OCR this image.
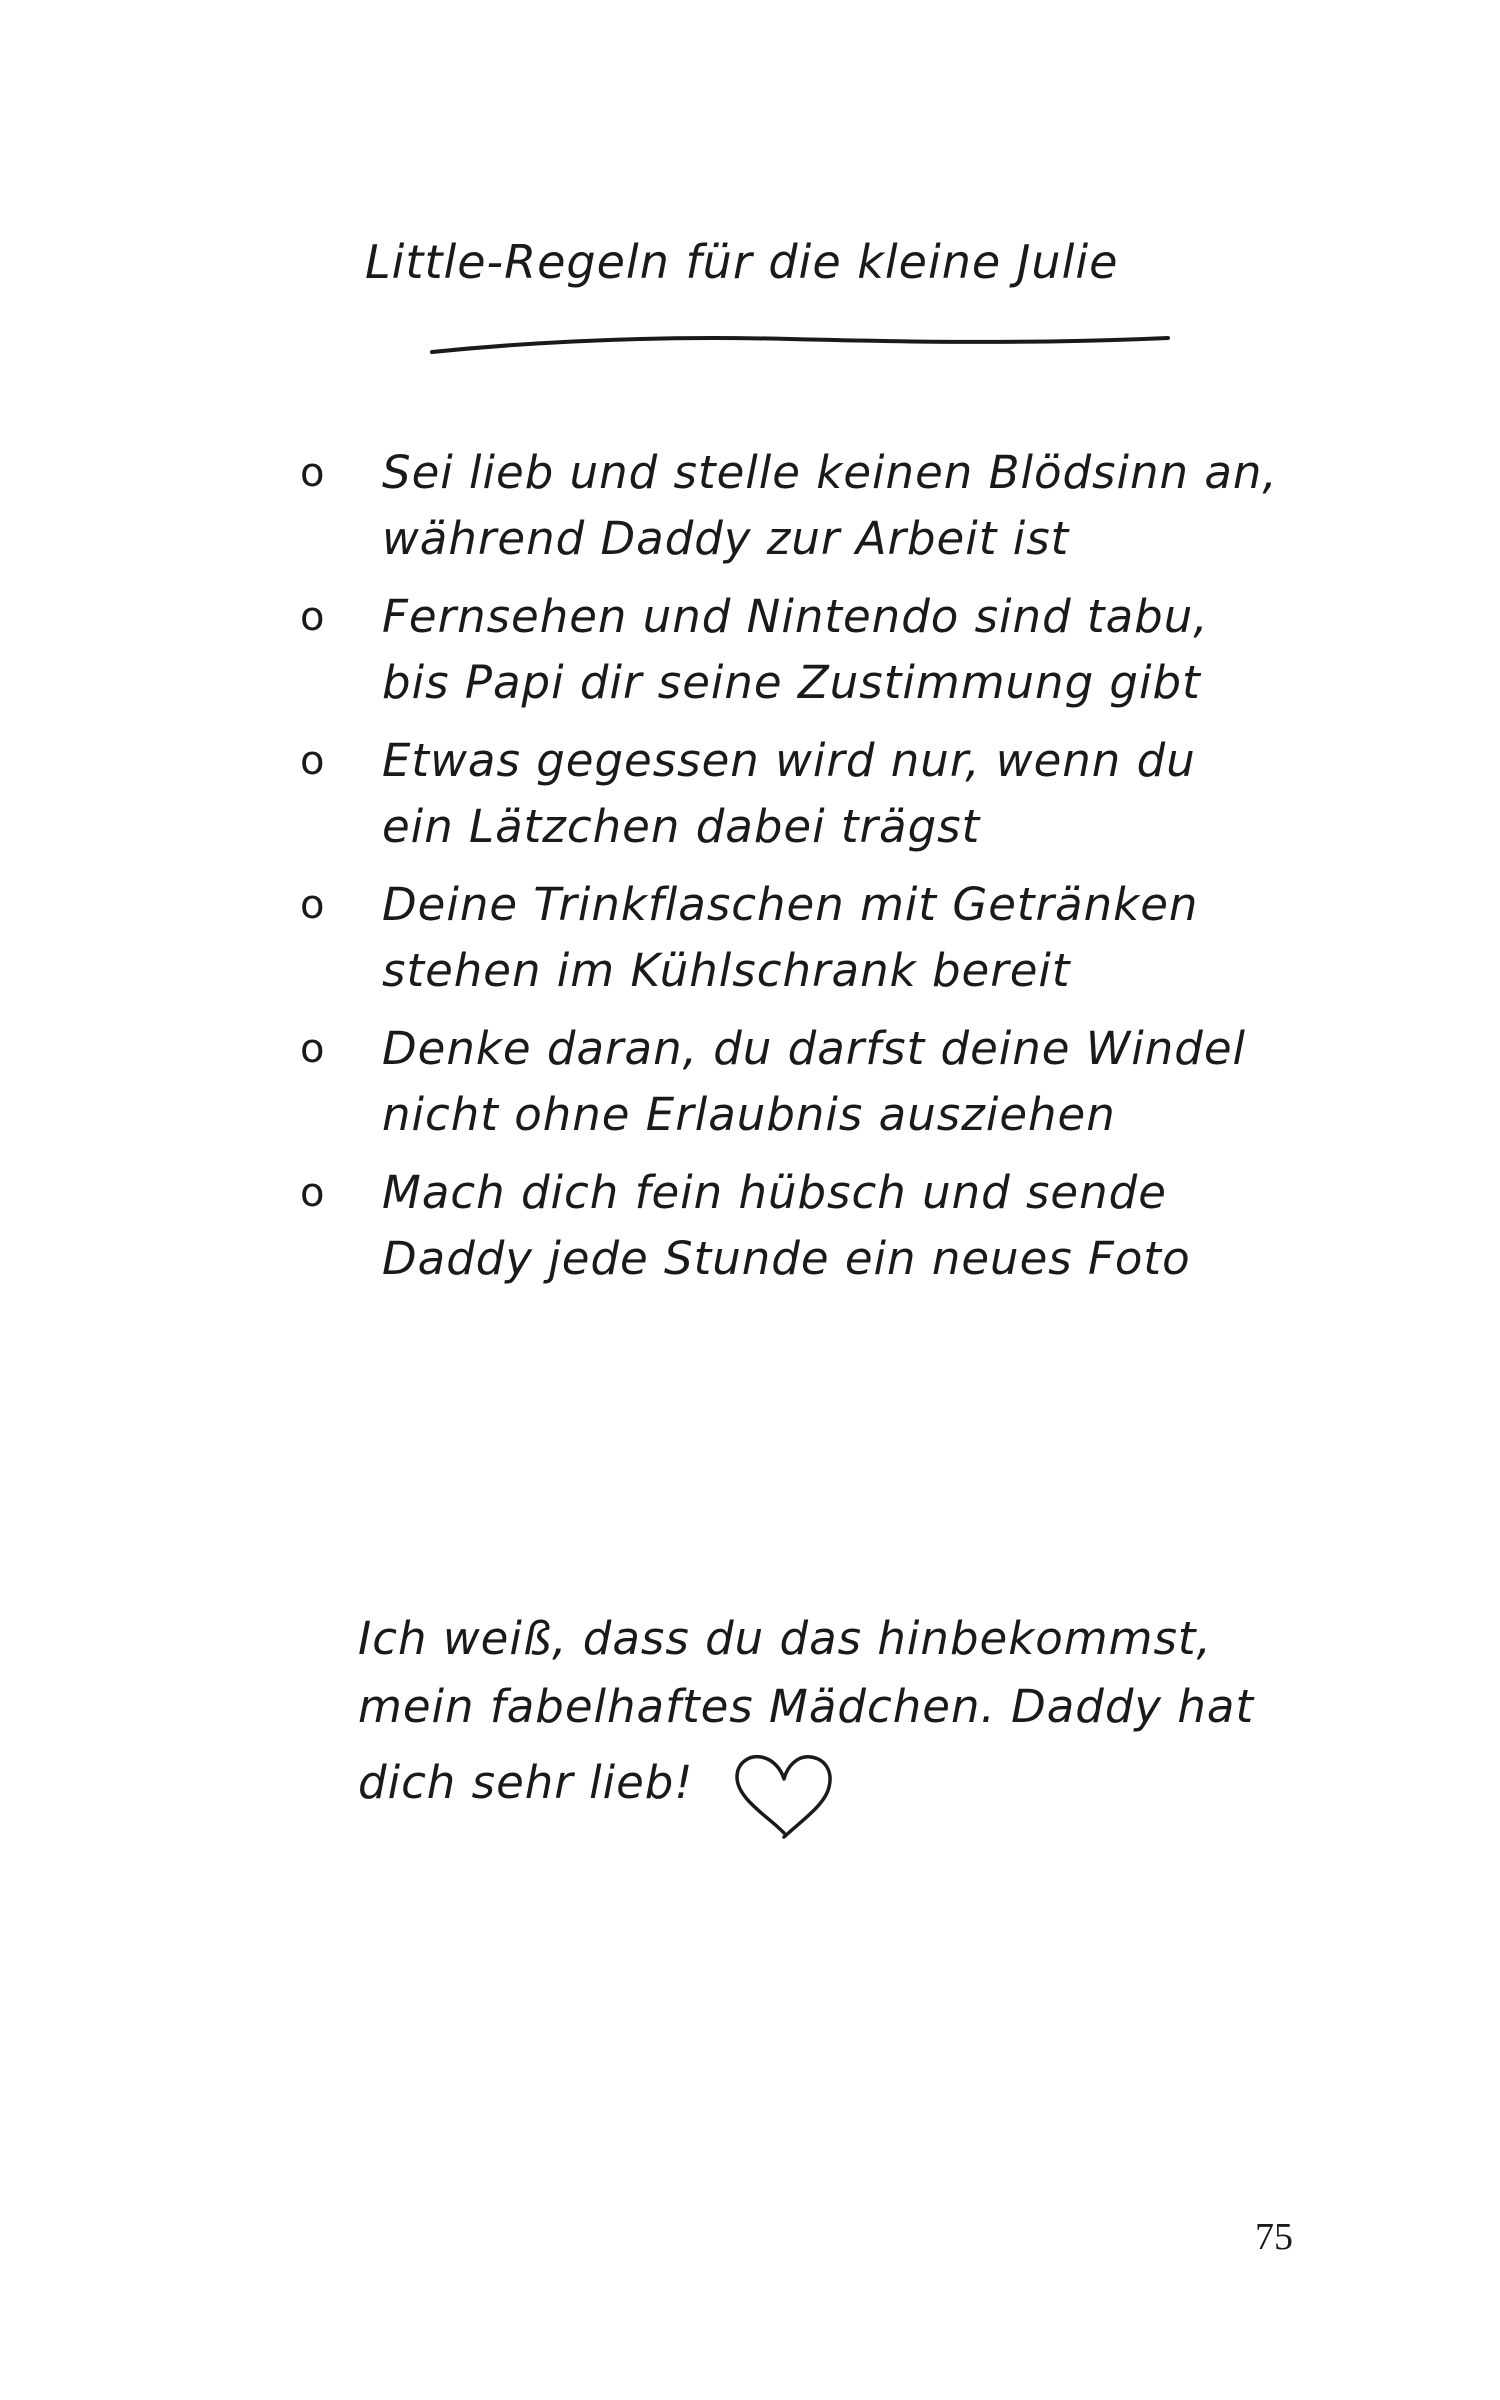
Little-Regeln für die kleine Julie
o Sei lieb und stelle keinen Blödsinn an, während Daddy zur Arbeit ist
o Fernsehen und Nintendo sind tabu, bis Papi dir seine Zustimmung gibt
o Etwas gegessen wird nur, wenn du ein Lätzchen dabei trägst
o Deine Trinkflaschen mit Getränken stehen im Kühlschrank bereit
o Denke daran, du darfst deine Windel nicht ohne Erlaubnis ausziehen
o Mach dich fein hübsch und sende Daddy jede Stunde ein neues Foto
Ich weiß, dass du das hinbekommst, mein fabelhaftes Mädchen. Daddy hat dich sehr lieb!
75
